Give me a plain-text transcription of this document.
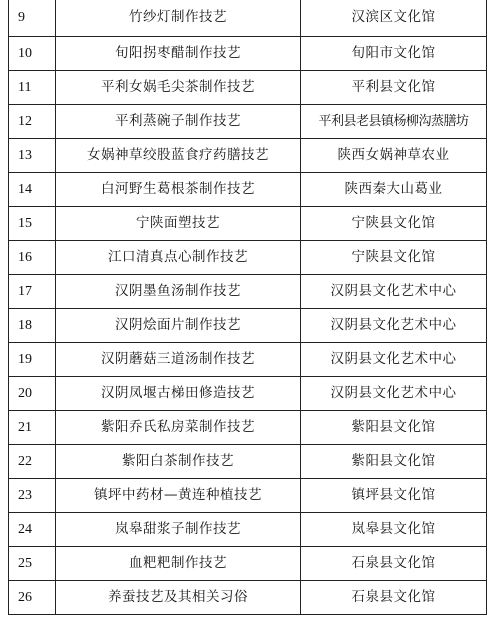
9	竹纱灯制作技艺	汉滨区文化馆
10	旬阳拐枣醋制作技艺	旬阳市文化馆
11	平利女娲毛尖茶制作技艺	平利县文化馆
12	平利蒸碗子制作技艺	平利县老县镇杨柳沟蒸膳坊
13	女娲神草绞股蓝食疗药膳技艺	陕西女娲神草农业
14	白河野生葛根茶制作技艺	陕西秦大山葛业
15	宁陕面塑技艺	宁陕县文化馆
16	江口清真点心制作技艺	宁陕县文化馆
17	汉阴墨鱼汤制作技艺	汉阴县文化艺术中心
18	汉阴烩面片制作技艺	汉阴县文化艺术中心
19	汉阴蘑菇三道汤制作技艺	汉阴县文化艺术中心
20	汉阴凤堰古梯田修造技艺	汉阴县文化艺术中心
21	紫阳乔氏私房菜制作技艺	紫阳县文化馆
22	紫阳白茶制作技艺	紫阳县文化馆
23	镇坪中药材—黄连种植技艺	镇坪县文化馆
24	岚皋甜浆子制作技艺	岚皋县文化馆
25	血粑粑制作技艺	石泉县文化馆
26	养蚕技艺及其相关习俗	石泉县文化馆
